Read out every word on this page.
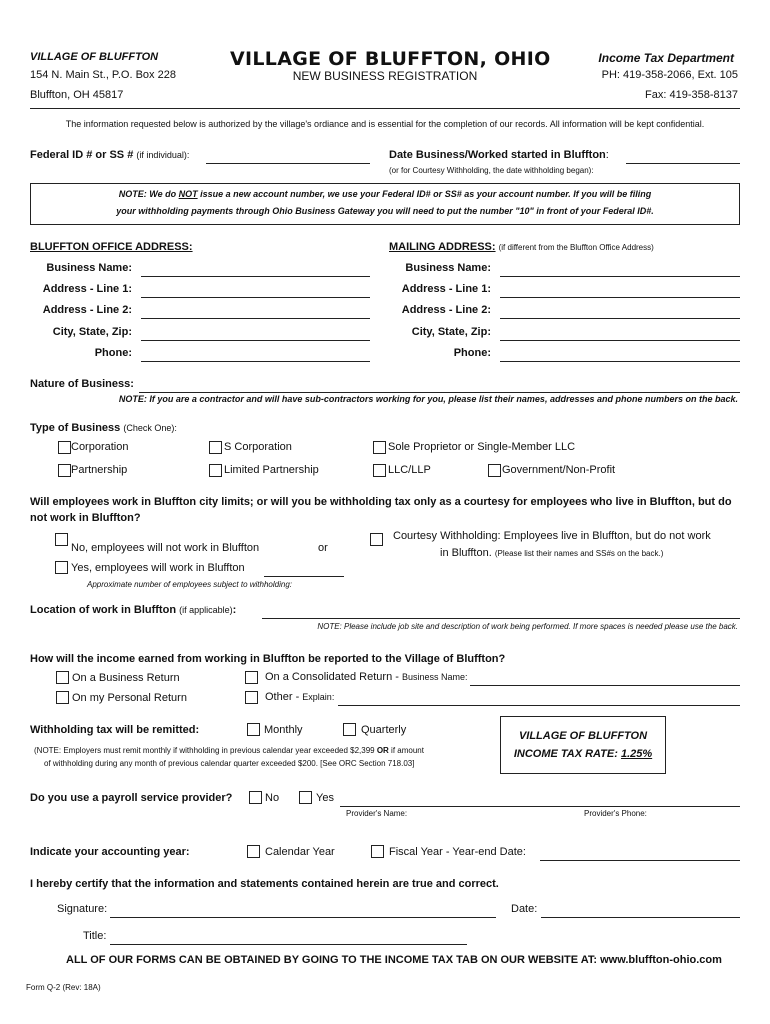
VILLAGE OF BLUFFTON
154 N. Main St., P.O. Box 228
Bluffton, OH 45817
VILLAGE OF BLUFFTON, OHIO
NEW BUSINESS REGISTRATION
Income Tax Department
PH: 419-358-2066, Ext. 105
Fax: 419-358-8137
The information requested below is authorized by the village's ordiance and is essential for the completion of our records. All information will be kept confidential.
Federal ID # or SS # (if individual):	Date Business/Worked started in Bluffton:
(or for Courtesy Withholding, the date withholding began):
NOTE: We do NOT issue a new account number, we use your Federal ID# or SS# as your account number. If you will be filing
your withholding payments through Ohio Business Gateway you will need to put the number "10" in front of your Federal ID#.
BLUFFTON OFFICE ADDRESS:	MAILING ADDRESS: (if different from the Bluffton Office Address)
Business Name:
Address - Line 1:
Address - Line 2:
City, State, Zip:
Phone:
Business Name:
Address - Line 1:
Address - Line 2:
City, State, Zip:
Phone:
Nature of Business:
NOTE: If you are a contractor and will have sub-contractors working for you, please list their names, addresses and phone numbers on the back.
Type of Business (Check One):
Corporation	S Corporation	Sole Proprietor or Single-Member LLC
Partnership	Limited Partnership	LLC/LLP	Government/Non-Profit
Will employees work in Bluffton city limits; or will you be withholding tax only as a courtesy for employees who live in Bluffton, but do
not work in Bluffton?
No, employees will not work in Bluffton	or
Courtesy Withholding: Employees live in Bluffton, but do not work
in Bluffton. (Please list their names and SS#s on the back.)
Yes, employees will work in Bluffton
Approximate number of employees subject to withholding:
Location of work in Bluffton (if applicable):
NOTE: Please include job site and description of work being performed. If more spaces is needed please use the back.
How will the income earned from working in Bluffton be reported to the Village of Bluffton?
On a Business Return	On a Consolidated Return - Business Name:
On my Personal Return	Other - Explain:
Withholding tax will be remitted:	Monthly	Quarterly
(NOTE: Employers must remit monthly if withholding in previous calendar year exceeded $2,399 OR if amount
of withholding during any month of previous calendar quarter exceeded $200. [See ORC Section 718.03]
VILLAGE OF BLUFFTON
INCOME TAX RATE: 1.25%
Do you use a payroll service provider?	No	Yes
Provider's Name:	Provider's Phone:
Indicate your accounting year:	Calendar Year	Fiscal Year - Year-end Date:
I hereby certify that the information and statements contained herein are true and correct.
Signature:	Date:
Title:
ALL OF OUR FORMS CAN BE OBTAINED BY GOING TO THE INCOME TAX TAB ON OUR WEBSITE AT: www.bluffton-ohio.com
Form Q-2 (Rev: 18A)
